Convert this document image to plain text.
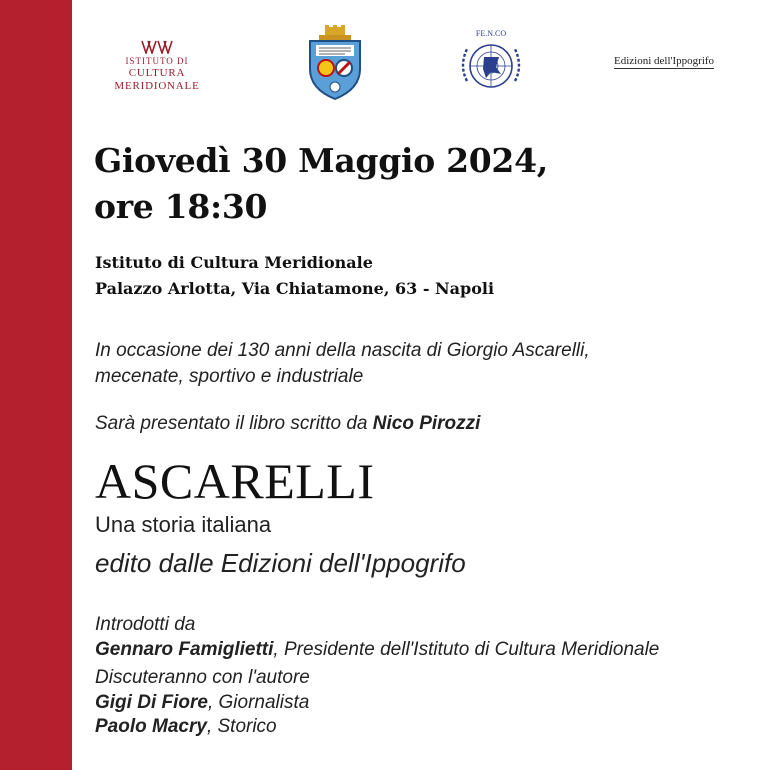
ISTITUTO DI
CULTURA MERIDIONALE
FE.N.CO
Edizioni dell'Ippogrifo
Giovedì 30 Maggio 2024,
ore 18:30
Istituto di Cultura Meridionale
Palazzo Arlotta, Via Chiatamone, 63 - Napoli
In occasione dei 130 anni della nascita di Giorgio Ascarelli,
mecenate, sportivo e industriale
Sarà presentato il libro scritto da Nico Pirozzi
ASCARELLI
Una storia italiana
edito dalle Edizioni dell'Ippogrifo
Introdotti da
Gennaro Famiglietti, Presidente dell'Istituto di Cultura Meridionale
Discuteranno con l'autore
Gigi Di Fiore, Giornalista
Paolo Macry, Storico
